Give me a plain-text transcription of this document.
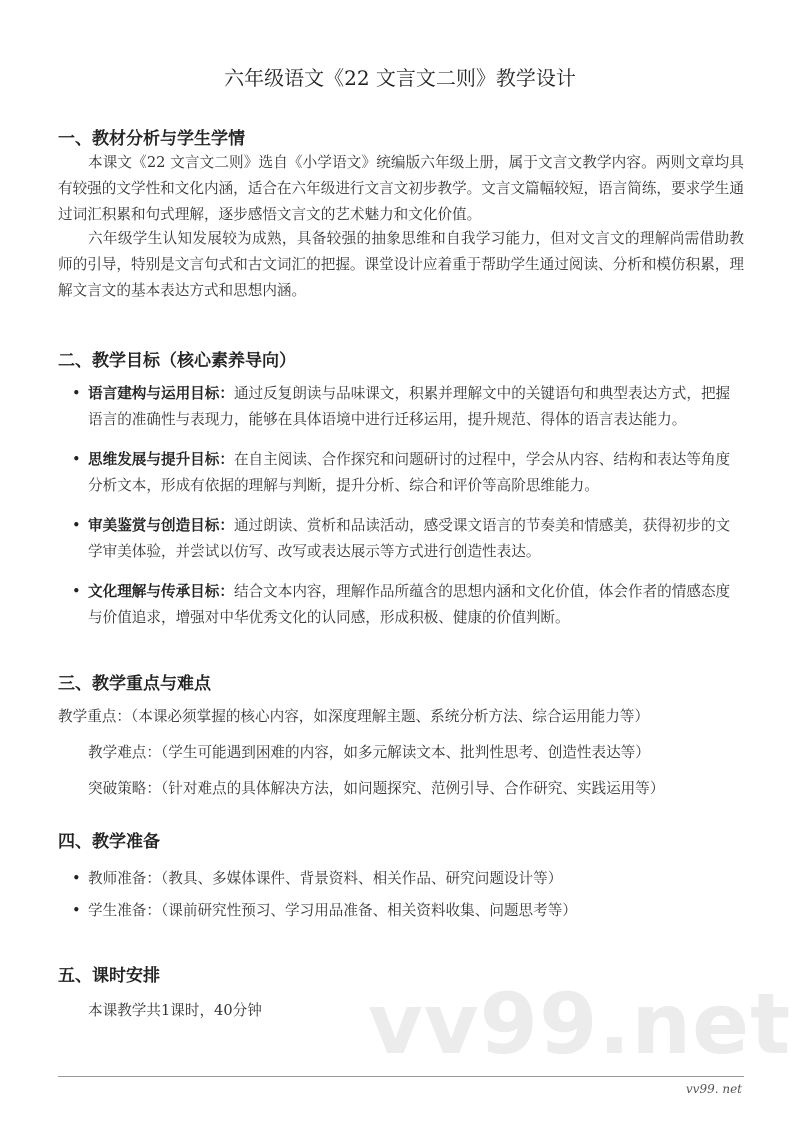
六年级语文《22 文言文二则》教学设计
一、教材分析与学生学情
本课文《22 文言文二则》选自《小学语文》统编版六年级上册，属于文言文教学内容。两则文章均具有较强的文学性和文化内涵，适合在六年级进行文言文初步教学。文言文篇幅较短，语言简练，要求学生通过词汇积累和句式理解，逐步感悟文言文的艺术魅力和文化价值。
六年级学生认知发展较为成熟，具备较强的抽象思维和自我学习能力，但对文言文的理解尚需借助教师的引导，特别是文言句式和古文词汇的把握。课堂设计应着重于帮助学生通过阅读、分析和模仿积累，理解文言文的基本表达方式和思想内涵。
二、教学目标（核心素养导向）
• 语言建构与运用目标：通过反复朗读与品味课文，积累并理解文中的关键语句和典型表达方式，把握语言的准确性与表现力，能够在具体语境中进行迁移运用，提升规范、得体的语言表达能力。
• 思维发展与提升目标：在自主阅读、合作探究和问题研讨的过程中，学会从内容、结构和表达等角度分析文本，形成有依据的理解与判断，提升分析、综合和评价等高阶思维能力。
• 审美鉴赏与创造目标：通过朗读、赏析和品读活动，感受课文语言的节奏美和情感美，获得初步的文学审美体验，并尝试以仿写、改写或表达展示等方式进行创造性表达。
• 文化理解与传承目标：结合文本内容，理解作品所蕴含的思想内涵和文化价值，体会作者的情感态度与价值追求，增强对中华优秀文化的认同感，形成积极、健康的价值判断。
三、教学重点与难点
教学重点：（本课必须掌握的核心内容，如深度理解主题、系统分析方法、综合运用能力等）
教学难点：（学生可能遇到困难的内容，如多元解读文本、批判性思考、创造性表达等）
突破策略：（针对难点的具体解决方法，如问题探究、范例引导、合作研究、实践运用等）
四、教学准备
• 教师准备：（教具、多媒体课件、背景资料、相关作品、研究问题设计等）
• 学生准备：（课前研究性预习、学习用品准备、相关资料收集、问题思考等）
五、课时安排
本课教学共1课时，40分钟 vv99.net
vv99. net
